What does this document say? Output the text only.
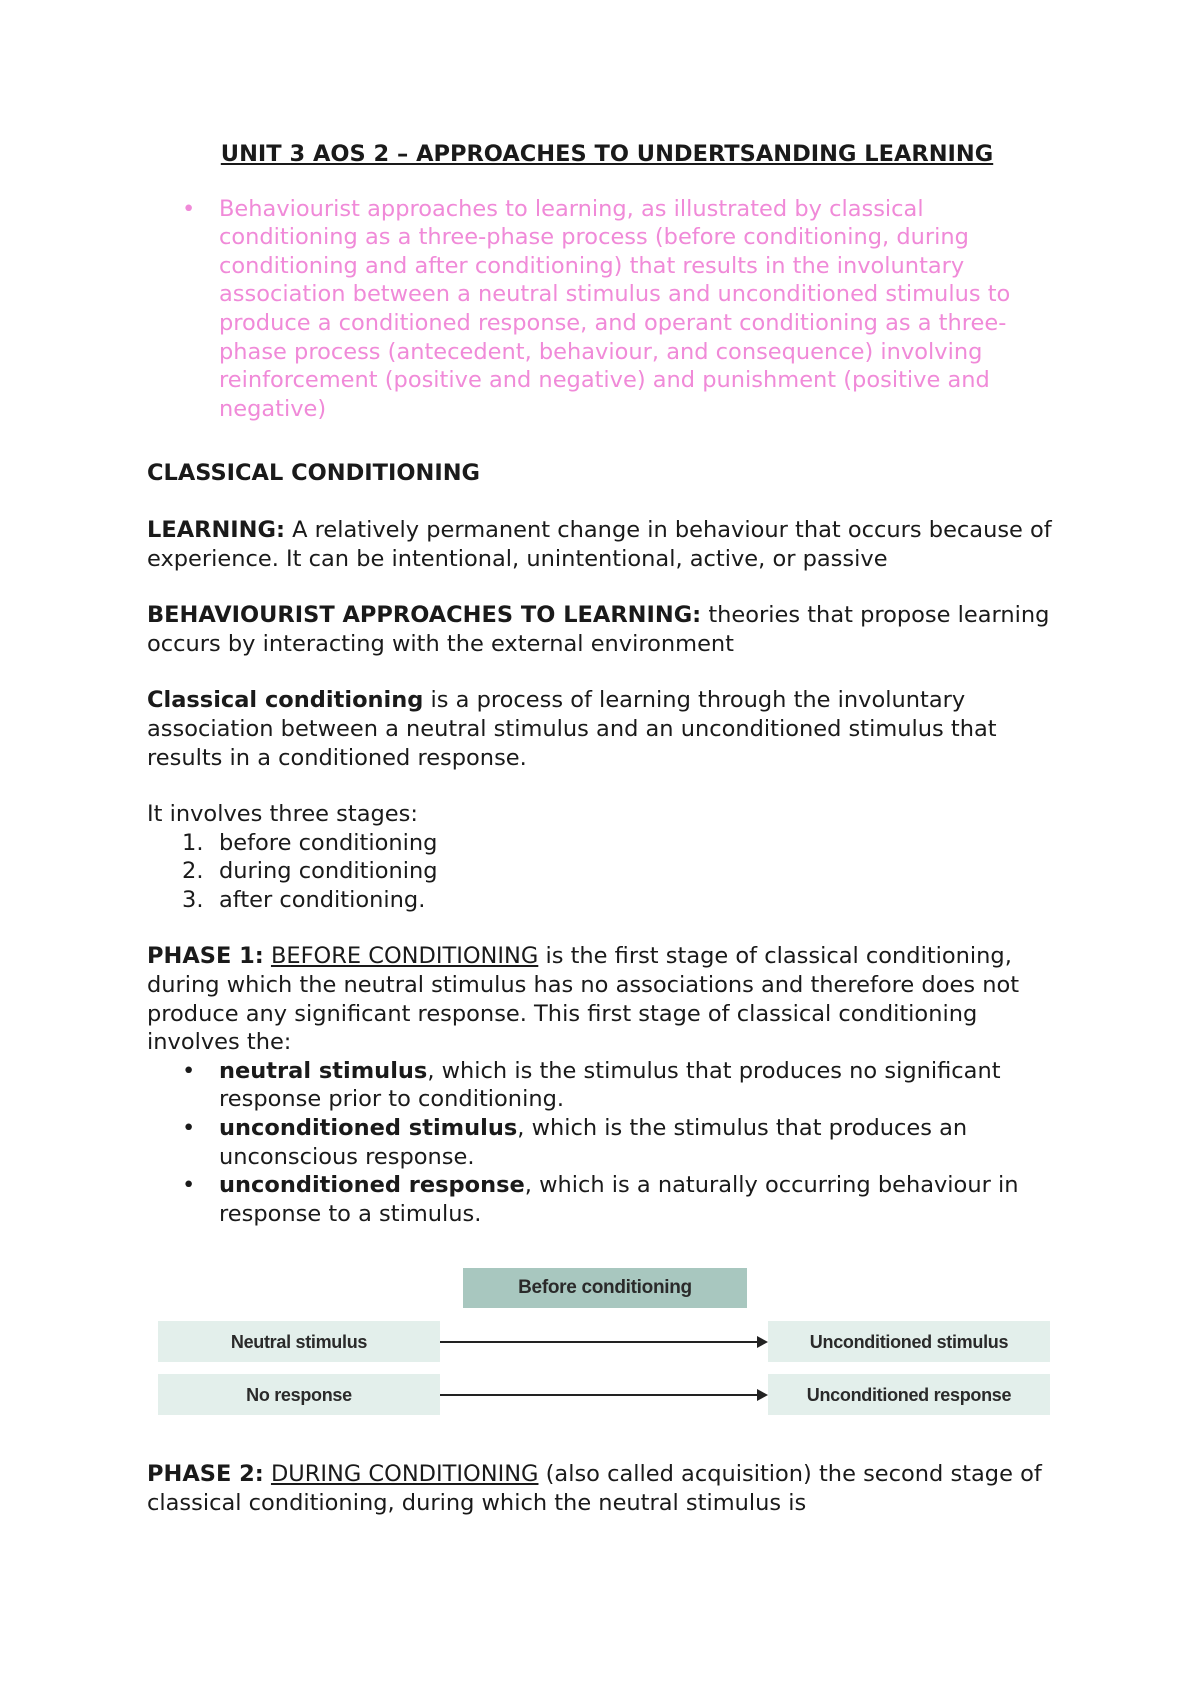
UNIT 3 AOS 2 – APPROACHES TO UNDERTSANDING LEARNING
• Behaviourist approaches to learning, as illustrated by classical conditioning as a three-phase process (before conditioning, during conditioning and after conditioning) that results in the involuntary association between a neutral stimulus and unconditioned stimulus to produce a conditioned response, and operant conditioning as a three-phase process (antecedent, behaviour, and consequence) involving reinforcement (positive and negative) and punishment (positive and negative)
CLASSICAL CONDITIONING

LEARNING: A relatively permanent change in behaviour that occurs because of experience. It can be intentional, unintentional, active, or passive

BEHAVIOURIST APPROACHES TO LEARNING: theories that propose learning occurs by interacting with the external environment

Classical conditioning is a process of learning through the involuntary association between a neutral stimulus and an unconditioned stimulus that results in a conditioned response.

It involves three stages:

1. before conditioning
2. during conditioning
3. after conditioning.

PHASE 1: BEFORE CONDITIONING is the first stage of classical conditioning, during which the neutral stimulus has no associations and therefore does not produce any significant response. This first stage of classical conditioning involves the:

• neutral stimulus, which is the stimulus that produces no significant response prior to conditioning.
• unconditioned stimulus, which is the stimulus that produces an unconscious response.
• unconditioned response, which is a naturally occurring behaviour in response to a stimulus.
Before conditioning
Neutral stimulus	Unconditioned stimulus
No response	Unconditioned response

PHASE 2: DURING CONDITIONING (also called acquisition) the second stage of classical conditioning, during which the neutral stimulus is
